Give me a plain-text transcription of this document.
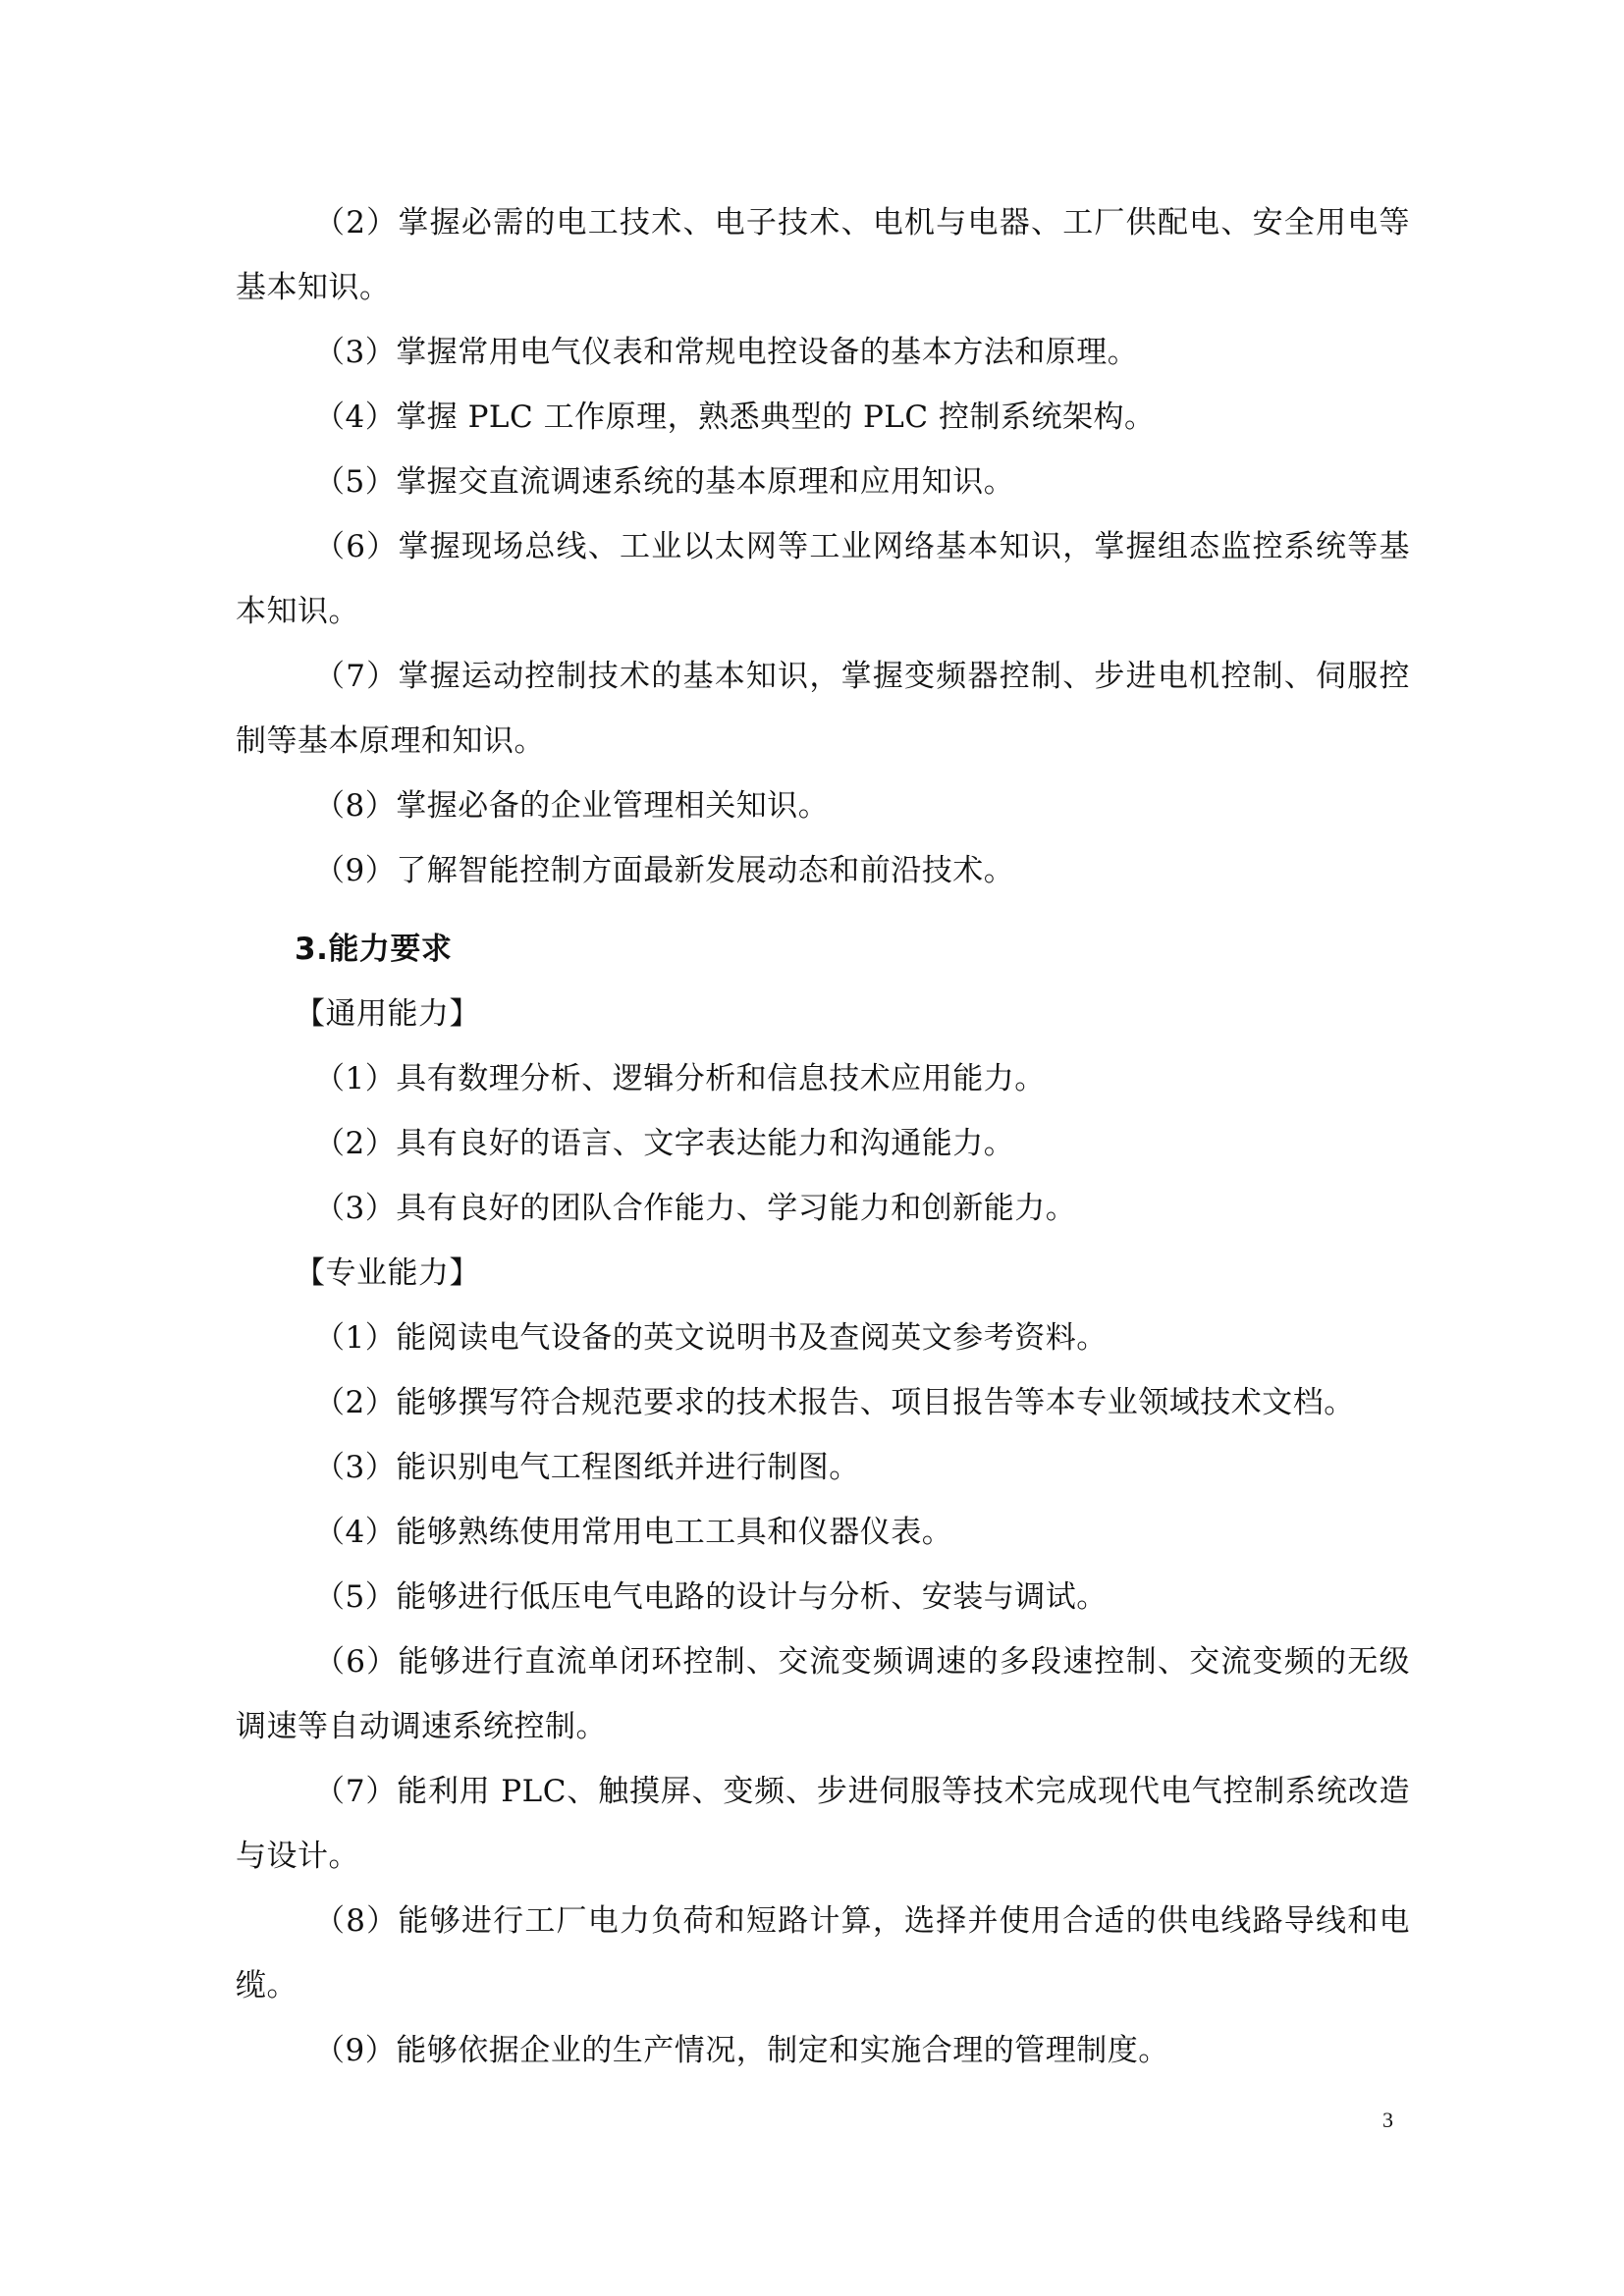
（2）掌握必需的电工技术、电子技术、电机与电器、工厂供配电、安全用电等基本知识。

（3）掌握常用电气仪表和常规电控设备的基本方法和原理。

（4）掌握 PLC 工作原理，熟悉典型的 PLC 控制系统架构。

（5）掌握交直流调速系统的基本原理和应用知识。

（6）掌握现场总线、工业以太网等工业网络基本知识，掌握组态监控系统等基本知识。

（7）掌握运动控制技术的基本知识，掌握变频器控制、步进电机控制、伺服控制等基本原理和知识。

（8）掌握必备的企业管理相关知识。

（9）了解智能控制方面最新发展动态和前沿技术。

3.能力要求

【通用能力】

（1）具有数理分析、逻辑分析和信息技术应用能力。

（2）具有良好的语言、文字表达能力和沟通能力。

（3）具有良好的团队合作能力、学习能力和创新能力。

【专业能力】

（1）能阅读电气设备的英文说明书及查阅英文参考资料。

（2）能够撰写符合规范要求的技术报告、项目报告等本专业领域技术文档。

（3）能识别电气工程图纸并进行制图。

（4）能够熟练使用常用电工工具和仪器仪表。

（5）能够进行低压电气电路的设计与分析、安装与调试。

（6）能够进行直流单闭环控制、交流变频调速的多段速控制、交流变频的无级调速等自动调速系统控制。

（7）能利用 PLC、触摸屏、变频、步进伺服等技术完成现代电气控制系统改造与设计。

（8）能够进行工厂电力负荷和短路计算，选择并使用合适的供电线路导线和电缆。

（9）能够依据企业的生产情况，制定和实施合理的管理制度。

3
